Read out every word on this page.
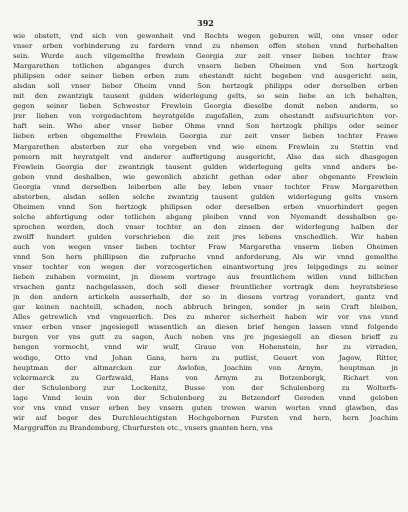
392
wie obstett, vnd sich von gewonheit vnd Rechts wegen geburen will, one vnser oder
vnser erben vorbinderung zu fardern vnnd zu nhemen offen stehen vnnd furbehalten
sein. Wurde auch vilgemelthe frewlein Georgia zur zeit vnser lieben tochter fraw
Margarethen totlichen abganges durch vnsern lieben Oheimen vnd Son hertzogk
philipsen oder seiner lieben erben zum ehestandt nicht begeben vnd ausgericht sein,
alsdan soll vnser lieber Oheim vnnd Son hertzogk philipps oder derselben erben
mit den zwantzigk tausent gulden widerlegung gelts, so sein liebe an ich behalten,
gegen seiner lieben Schwester Frewlein Georgia dieselbe domit neben anderm, so
jrer lieben von vorgedachtem heyratgelde zugefallen, zum ehestandt aufsuurichten vor-
haft sein. Who aber vnser lieber Ohme vnnd Son hertzogk philips oder seiner
lieben erben obgemelthe Frewlein Georgia zur zeit vnser lieben tochter Frawe
Margarethen absterben zur ehe vorgeben vnd wie einem Frewlein zu Stettin vnd
pomern mit heyratgelt vnd anderer auffertigung ausgericht, Also das sich dhasgegen
Frewlein Georgia der zwantzigk tausent gulden widerlegung gelts vnnd anders be-
geben vnnd deshalben, wie gewonlich abzicht gethan oder aber obgenante Frewlein
Georgia vnnd derselben leiberben alle bey leben vnser tochter Fraw Margarethen
absterben, alsdan sollen solche zwantzig tausent gulden widerlegung gelts vnsern
Oheimen vnnd Son hertzogk philipsen oder derselben erben vnuorhindert gegen
solche abfertigung oder totlichen abgang pleiben vnnd von Nyemandt desshalben ge-
sprochen werden, doch vnser tochter an den zinsen der widerlegung halben der
zwolff hundert gulden vorschrieben die zeit jres lebens vnschedlich. Wir haben
auch von wegen vnser lieben tochter Fraw Margaretha vnserm lieben Oheimen
vnnd Son hern phillipsen die zufpruche vnnd anforderung, Als wir vnnd gemelthe
vnser tochter von wegen der vorzcogerlichen einantwortung jres leipgedings zu seiner
lieben zuhaben vormeint, jn diesem vortrage aus freuntlichem willen vnnd billichen
vrsachen gantz nachgelassen, doch soll dieser freuntlicher vortragk dem heyratsbriese
jn den andern artickeln ausserhalb, der so in diesem vortrag vorandert, gantz vnd
gar keinen nachteill, schaden, noch abbruch bringen, sonder jn sein Craft bleiben,
Alles getrewlich vnd vngeuerlich. Des zu mherer sicherheit haben wir vor vns vnnd
vnser erben vnser jngesiegell wissentlich an diesen brief hengen lassen vnnd folgende
burgen vor vns gutt zu sagen, Auch neben vns jre jngesiegell an diesen brieff zu
hengen vormocht, vnnd wir wulf, Graue von Hohenstein, her zu virraden,
wedige, Otto vnd Johan Gans, hern zu putlist, Geuert von Jagow, Ritter,
heuptman der altmarcken zur Awlofen, Joachim von Arnym, heuptman jn
vckermarck zu Gerfzwald, Hans von Arnym zu Botzenborgk, Richart von
der Schulenborg zur Lockenitz, Busse von der Schulenborg zu Wolterfs-
lage Vnnd leuin von der Schulenborg zu Betzendorf Gereden vnnd geloben
vor vns vnnd vnser erben bey vnsern guten trewen waren worten vnnd glawben, das
wir auf beger des Durchleuchtigsten Hochgebornen Fursten vnd hern, hern Joachim
Marggraffen zu Brandemburg, Churfursten etc., vnsers gnanten hern, vns
